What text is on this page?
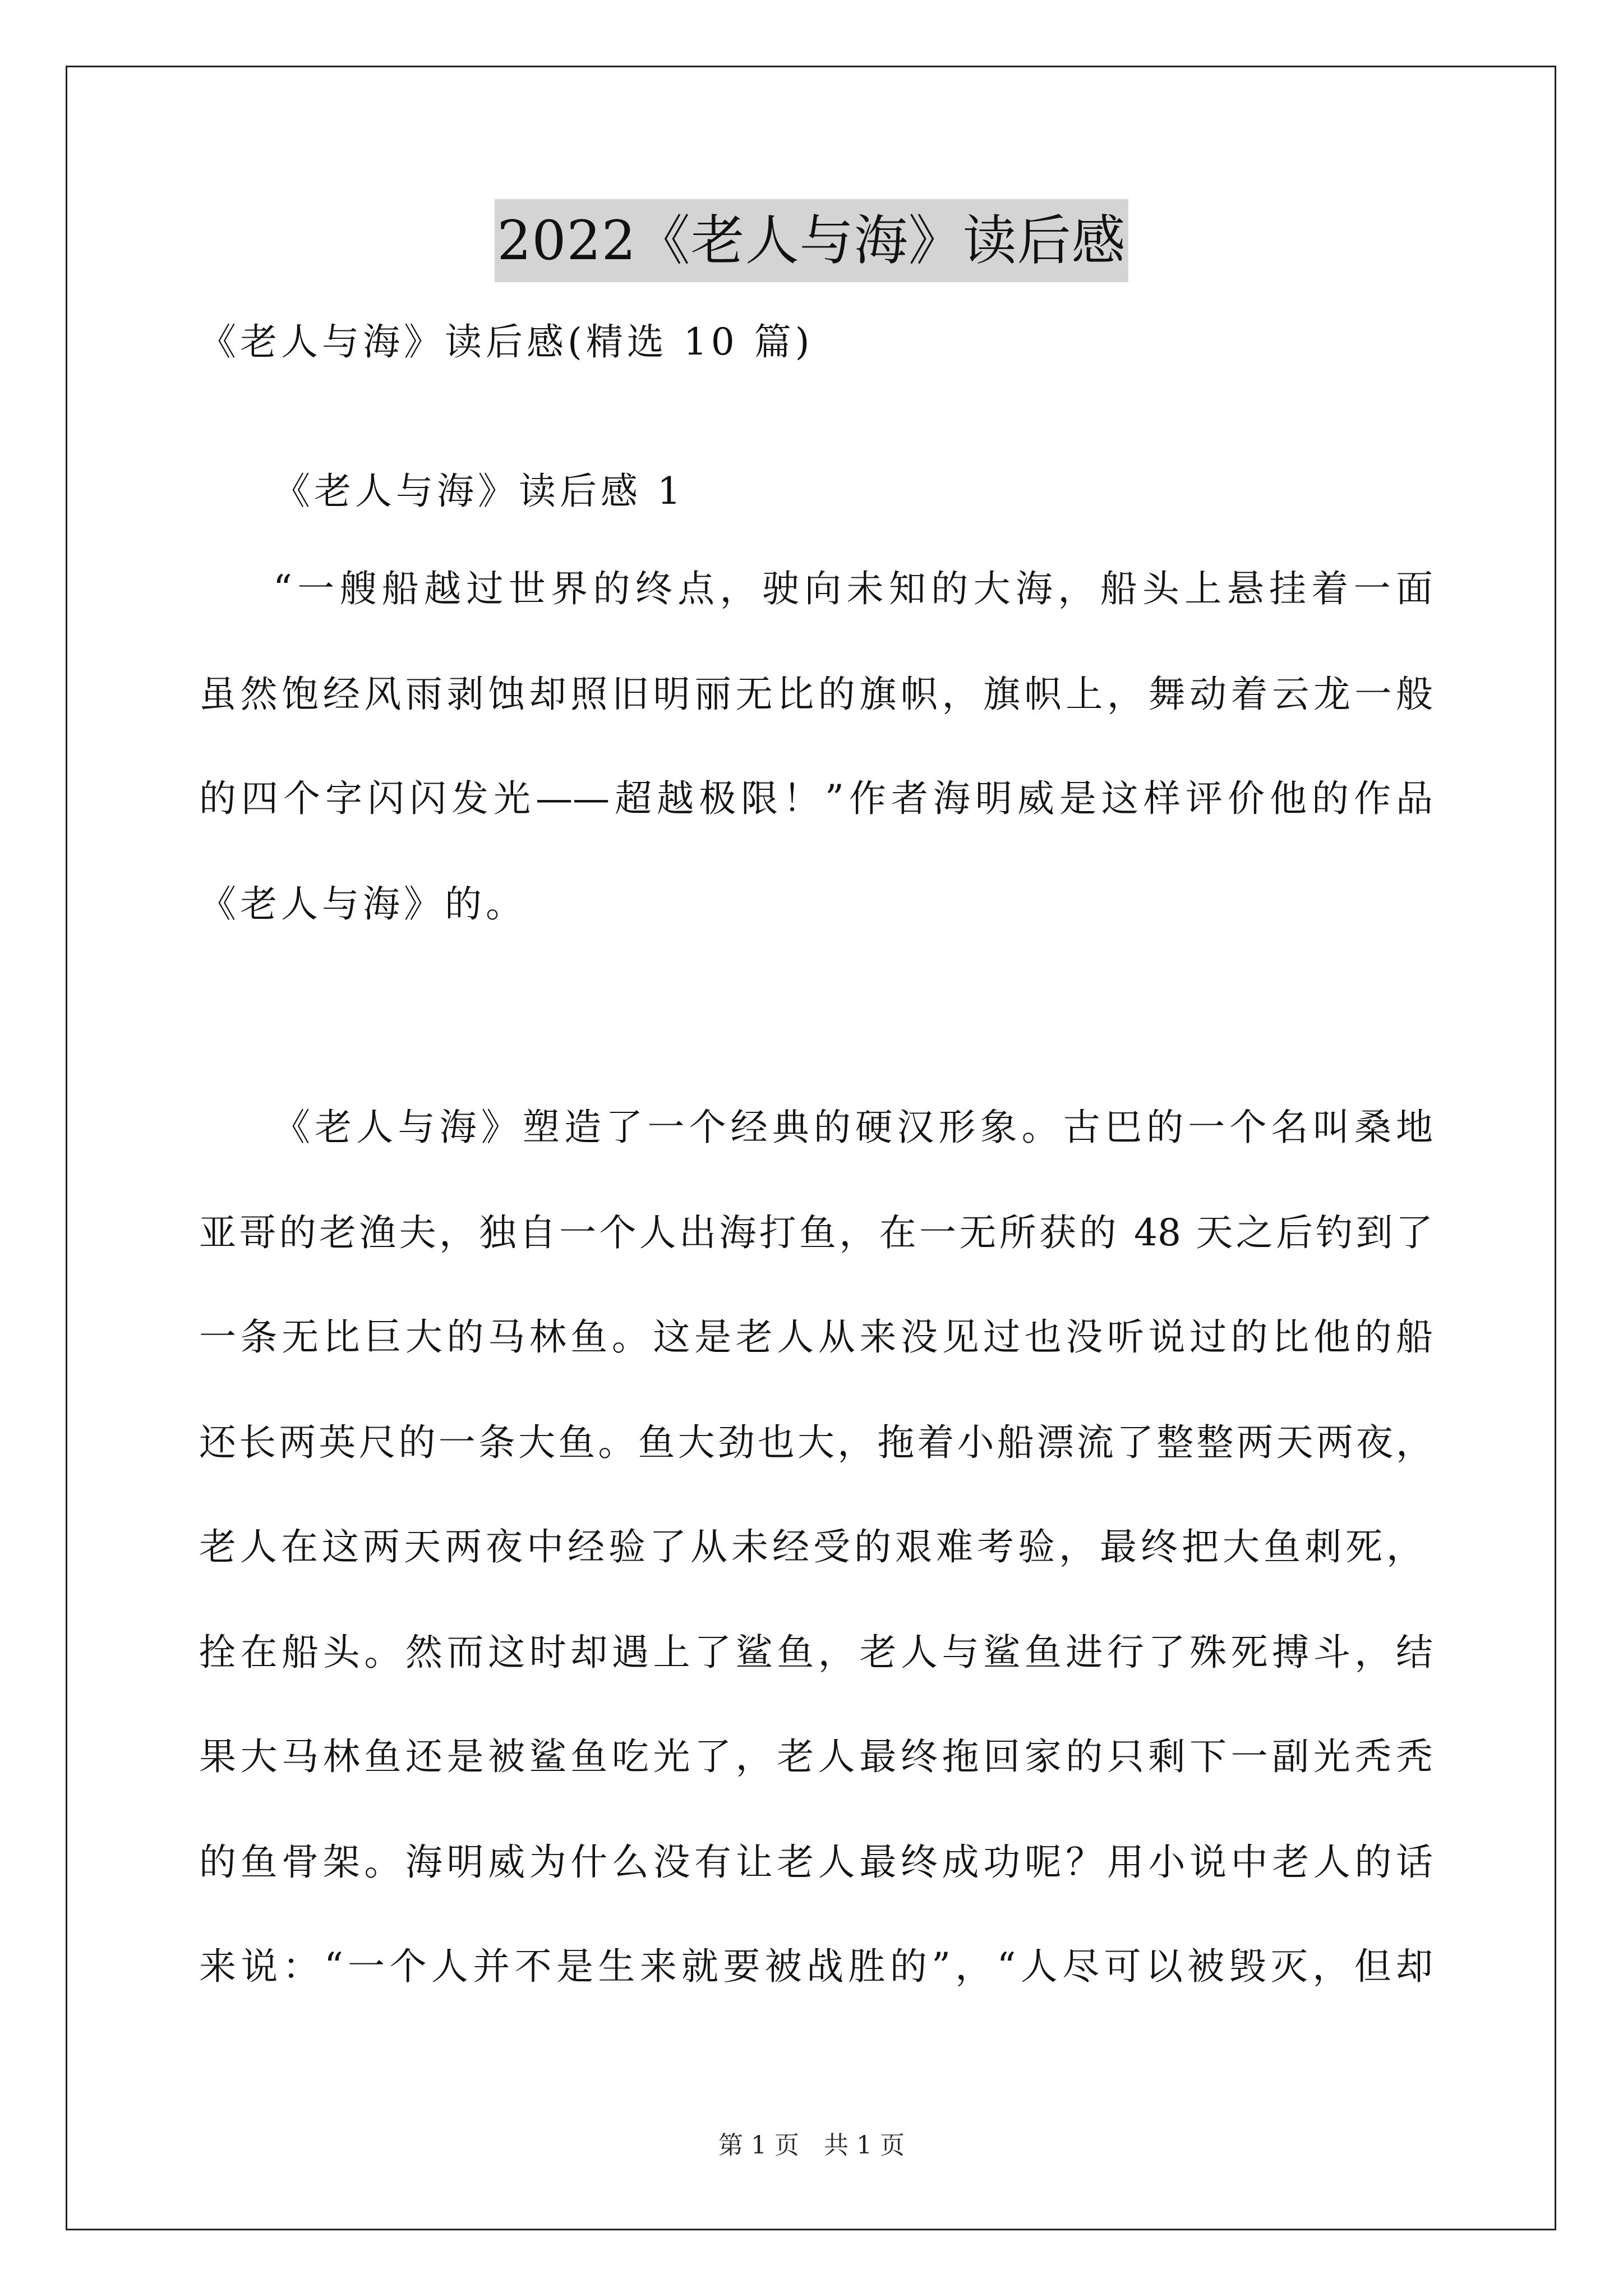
2022《老人与海》读后感
《老人与海》读后感(精选 10 篇)
《老人与海》读后感 1
“一艘船越过世界的终点，驶向未知的大海，船头上悬挂着一面
虽然饱经风雨剥蚀却照旧明丽无比的旗帜，旗帜上，舞动着云龙一般
的四个字闪闪发光——超越极限！”作者海明威是这样评价他的作品
《老人与海》的。
《老人与海》塑造了一个经典的硬汉形象。古巴的一个名叫桑地
亚哥的老渔夫，独自一个人出海打鱼，在一无所获的 48 天之后钓到了
一条无比巨大的马林鱼。这是老人从来没见过也没听说过的比他的船
还长两英尺的一条大鱼。鱼大劲也大，拖着小船漂流了整整两天两夜，
老人在这两天两夜中经验了从未经受的艰难考验，最终把大鱼刺死，
拴在船头。然而这时却遇上了鲨鱼，老人与鲨鱼进行了殊死搏斗，结
果大马林鱼还是被鲨鱼吃光了，老人最终拖回家的只剩下一副光秃秃
的鱼骨架。海明威为什么没有让老人最终成功呢？用小说中老人的话
来说：“一个人并不是生来就要被战胜的”，“人尽可以被毁灭，但却
第 1 页　共 1 页
